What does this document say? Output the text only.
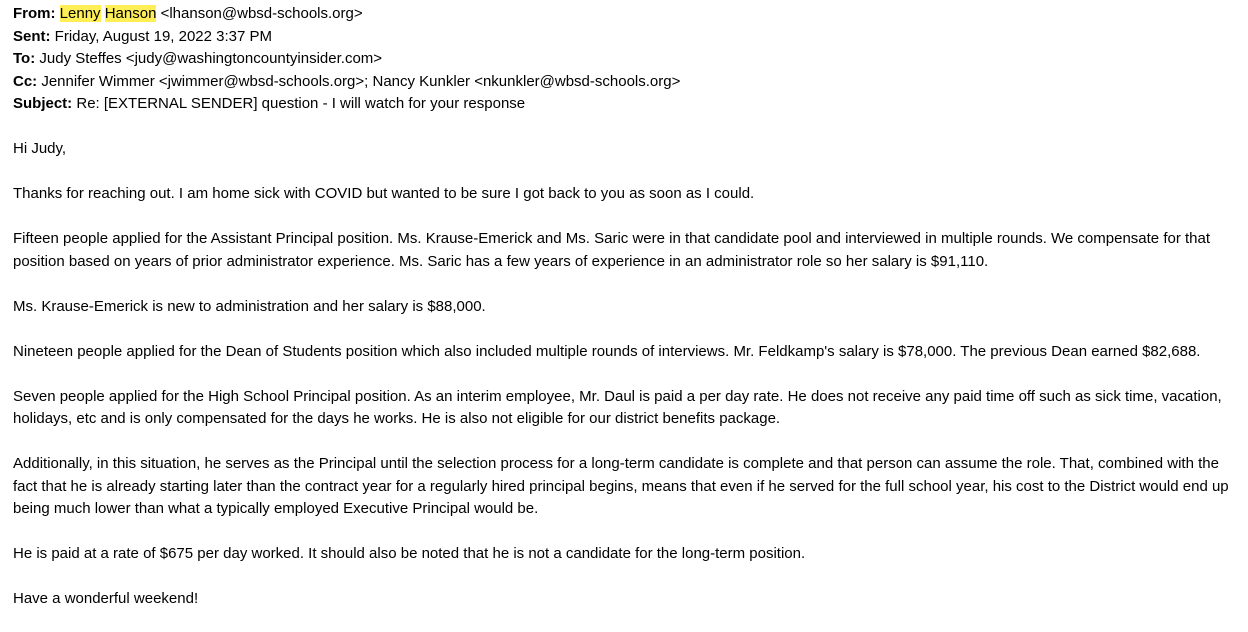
From: Lenny Hanson <lhanson@wbsd-schools.org>
Sent: Friday, August 19, 2022 3:37 PM
To: Judy Steffes <judy@washingtoncountyinsider.com>
Cc: Jennifer Wimmer <jwimmer@wbsd-schools.org>; Nancy Kunkler <nkunkler@wbsd-schools.org>
Subject: Re: [EXTERNAL SENDER] question - I will watch for your response

Hi Judy,

Thanks for reaching out. I am home sick with COVID but wanted to be sure I got back to you as soon as I could.

Fifteen people applied for the Assistant Principal position. Ms. Krause-Emerick and Ms. Saric were in that candidate pool and interviewed in multiple rounds. We compensate for that position based on years of prior administrator experience. Ms. Saric has a few years of experience in an administrator role so her salary is $91,110.

Ms. Krause-Emerick is new to administration and her salary is $88,000.

Nineteen people applied for the Dean of Students position which also included multiple rounds of interviews. Mr. Feldkamp's salary is $78,000. The previous Dean earned $82,688.

Seven people applied for the High School Principal position. As an interim employee, Mr. Daul is paid a per day rate. He does not receive any paid time off such as sick time, vacation, holidays, etc and is only compensated for the days he works. He is also not eligible for our district benefits package.

Additionally, in this situation, he serves as the Principal until the selection process for a long-term candidate is complete and that person can assume the role. That, combined with the fact that he is already starting later than the contract year for a regularly hired principal begins, means that even if he served for the full school year, his cost to the District would end up being much lower than what a typically employed Executive Principal would be.

He is paid at a rate of $675 per day worked. It should also be noted that he is not a candidate for the long-term position.

Have a wonderful weekend!
